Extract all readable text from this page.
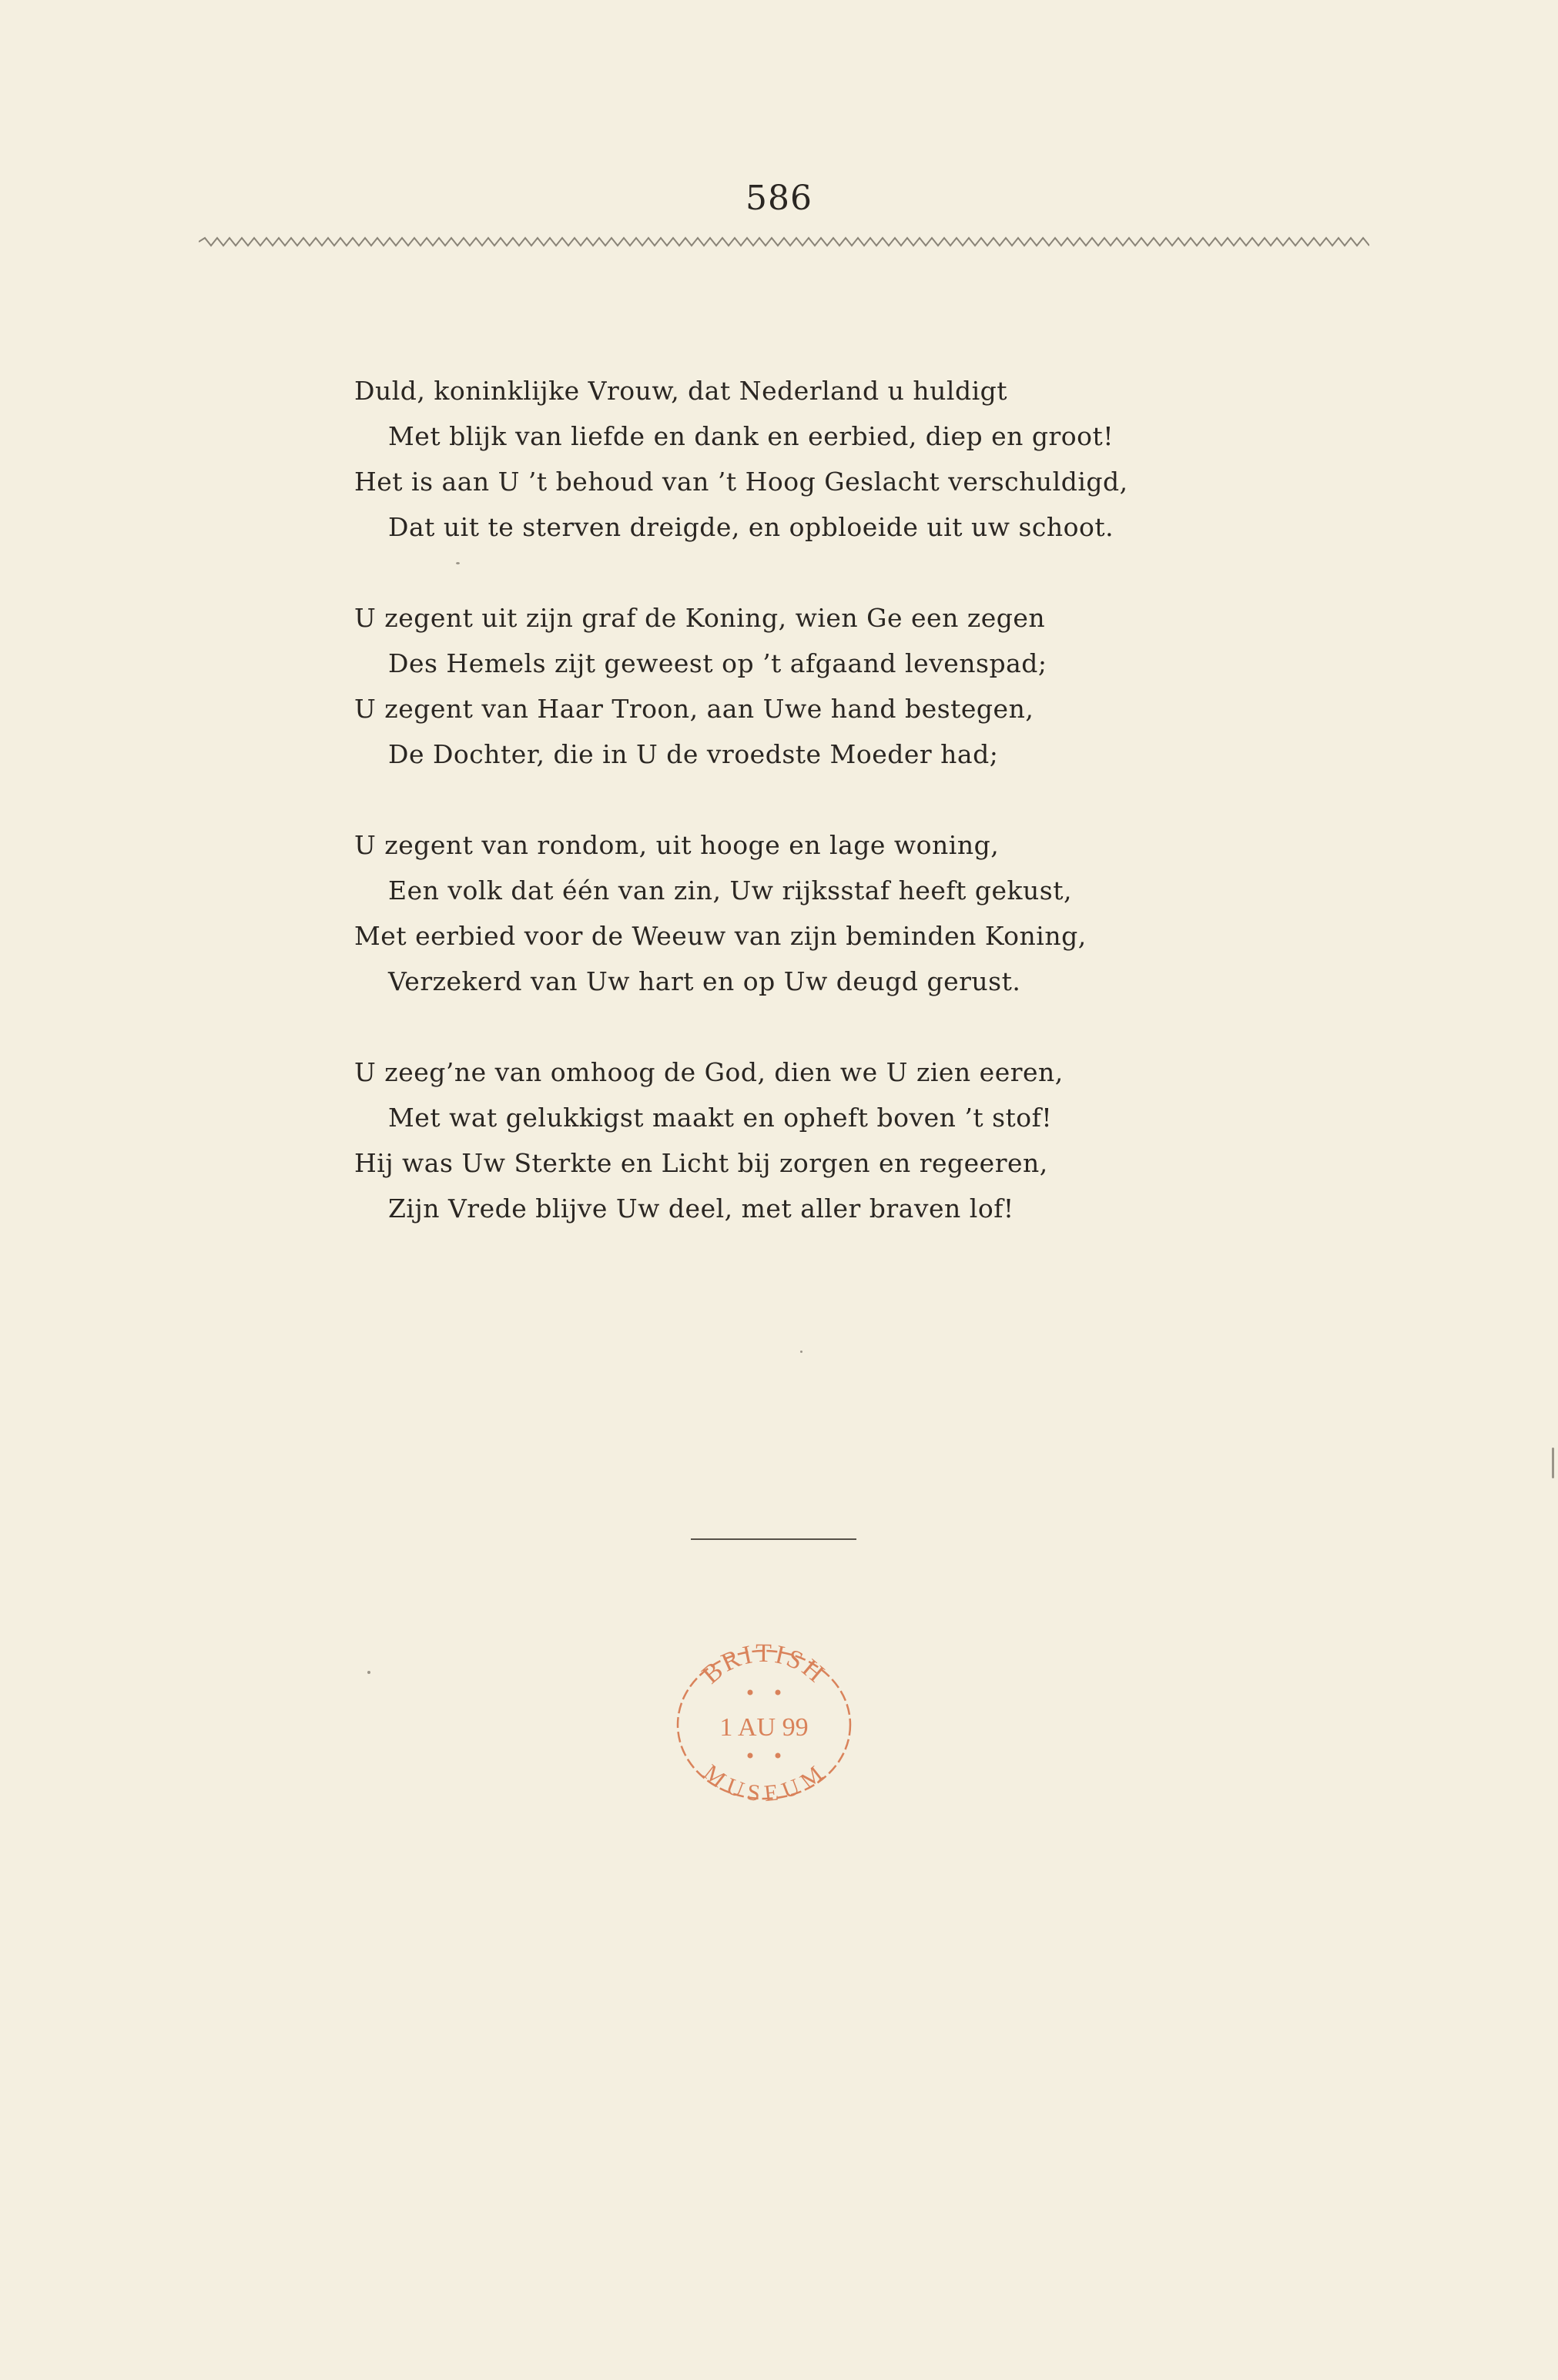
586
Duld, koninklijke Vrouw, dat Nederland u huldigt
Met blijk van liefde en dank en eerbied, diep en groot!
Het is aan U ’t behoud van ’t Hoog Geslacht verschuldigd,
Dat uit te sterven dreigde, en opbloeide uit uw schoot.
U zegent uit zijn graf de Koning, wien Ge een zegen
Des Hemels zijt geweest op ’t afgaand levenspad;
U zegent van Haar Troon, aan Uwe hand bestegen,
De Dochter, die in U de vroedste Moeder had;
U zegent van rondom, uit hooge en lage woning,
Een volk dat één van zin, Uw rijksstaf heeft gekust,
Met eerbied voor de Weeuw van zijn beminden Koning,
Verzekerd van Uw hart en op Uw deugd gerust.
U zeeg’ne van omhoog de God, dien we U zien eeren,
Met wat gelukkigst maakt en opheft boven ’t stof!
Hij was Uw Sterkte en Licht bij zorgen en regeeren,
Zijn Vrede blijve Uw deel, met aller braven lof!
BRITISH
1 AU 99
MUSEUM
